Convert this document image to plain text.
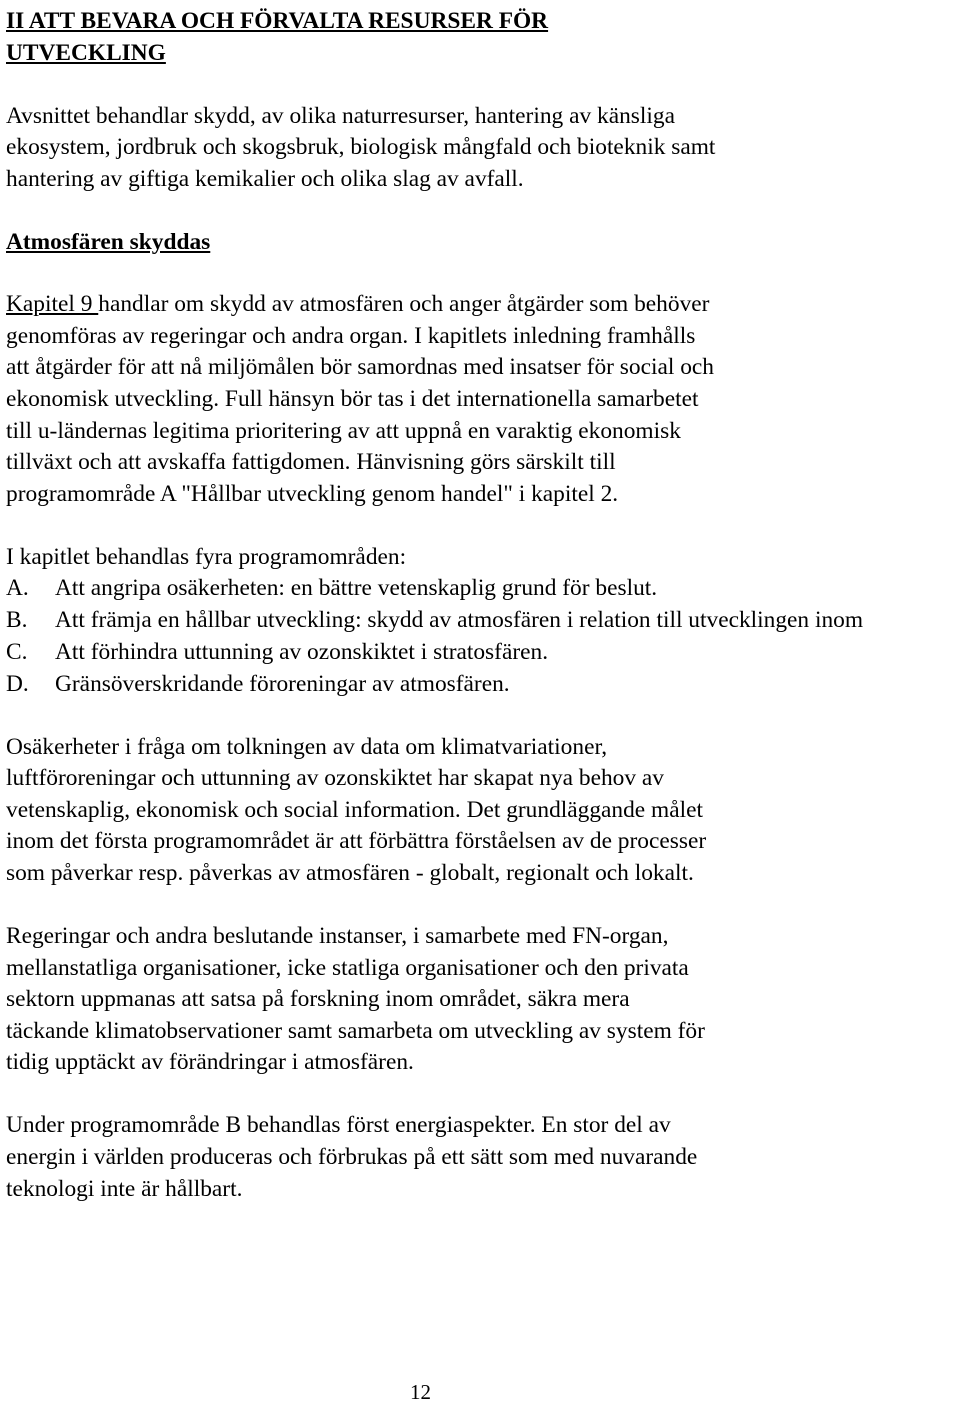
II ATT BEVARA OCH FÖRVALTA RESURSER FÖR
UTVECKLING
Avsnittet behandlar skydd, av olika naturresurser, hantering av känsliga
ekosystem, jordbruk och skogsbruk, biologisk mångfald och bioteknik samt
hantering av giftiga kemikalier och olika slag av avfall.
Atmosfären skyddas
Kapitel 9 handlar om skydd av atmosfären och anger åtgärder som behöver
genomföras av regeringar och andra organ. I kapitlets inledning framhålls
att åtgärder för att nå miljömålen bör samordnas med insatser för social och
ekonomisk utveckling. Full hänsyn bör tas i det internationella samarbetet
till u-ländernas legitima prioritering av att uppnå en varaktig ekonomisk
tillväxt och att avskaffa fattigdomen. Hänvisning görs särskilt till
programområde A "Hållbar utveckling genom handel" i kapitel 2.
I kapitlet behandlas fyra programområden:
A. Att angripa osäkerheten: en bättre vetenskaplig grund för beslut.
B. Att främja en hållbar utveckling: skydd av atmosfären i relation till utvecklingen inom
C. Att förhindra uttunning av ozonskiktet i stratosfären.
D. Gränsöverskridande föroreningar av atmosfären.
Osäkerheter i fråga om tolkningen av data om klimatvariationer,
luftföroreningar och uttunning av ozonskiktet har skapat nya behov av
vetenskaplig, ekonomisk och social information. Det grundläggande målet
inom det första programområdet är att förbättra förståelsen av de processer
som påverkar resp. påverkas av atmosfären - globalt, regionalt och lokalt.
Regeringar och andra beslutande instanser, i samarbete med FN-organ,
mellanstatliga organisationer, icke statliga organisationer och den privata
sektorn uppmanas att satsa på forskning inom området, säkra mera
täckande klimatobservationer samt samarbeta om utveckling av system för
tidig upptäckt av förändringar i atmosfären.
Under programområde B behandlas först energiaspekter. En stor del av
energin i världen produceras och förbrukas på ett sätt som med nuvarande
teknologi inte är hållbart.
12
